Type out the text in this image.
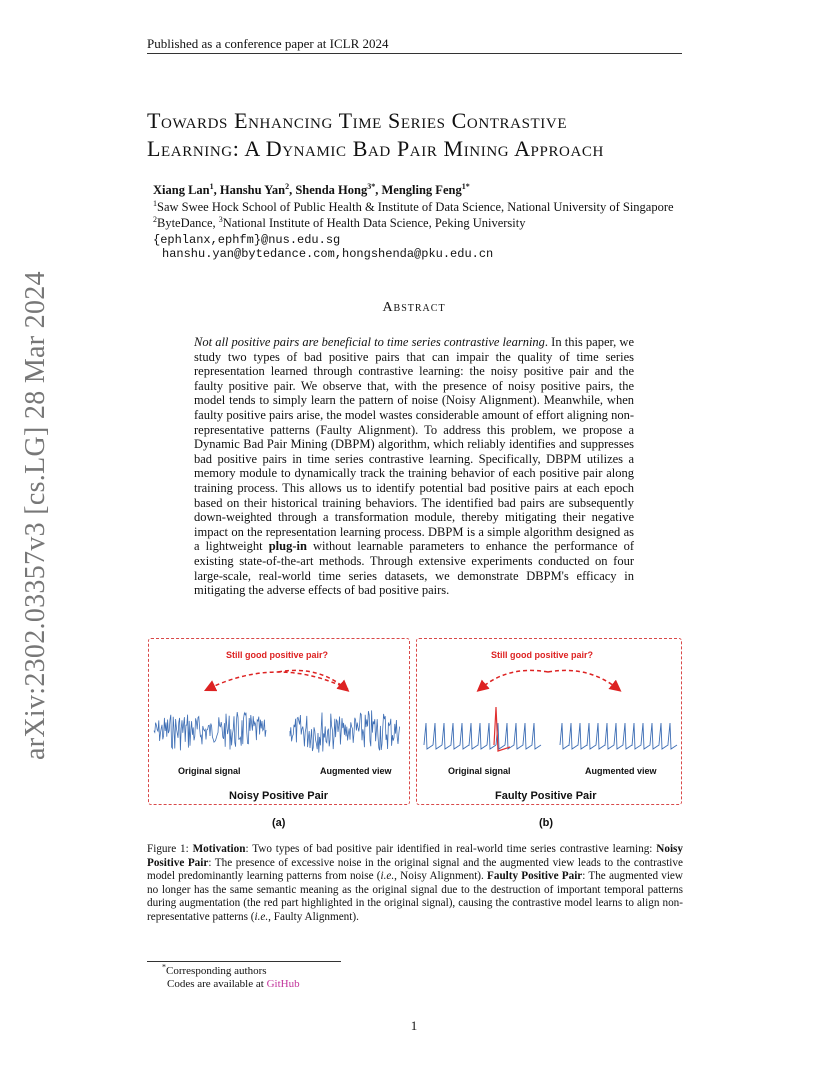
Published as a conference paper at ICLR 2024
arXiv:2302.03357v3 [cs.LG] 28 Mar 2024
Towards Enhancing Time Series Contrastive
Learning: A Dynamic Bad Pair Mining Approach
Xiang Lan$^1$, Hanshu Yan$^2$, Shenda Hong$^{3*}$, Mengling Feng$^{1*}$
$^1$Saw Swee Hock School of Public Health & Institute of Data Science, National University of Singapore
$^2$ByteDance, $^3$National Institute of Health Data Science, Peking University
{ephlanx,ephfm}@nus.edu.sg
hanshu.yan@bytedance.com,hongshenda@pku.edu.cn
Abstract
Not all positive pairs are beneficial to time series contrastive learning. In this paper, we study two types of bad positive pairs that can impair the quality of time series representation learned through contrastive learning: the noisy positive pair and the faulty positive pair. We observe that, with the presence of noisy positive pairs, the model tends to simply learn the pattern of noise (Noisy Alignment). Meanwhile, when faulty positive pairs arise, the model wastes considerable amount of effort aligning non-representative patterns (Faulty Alignment). To address this problem, we propose a Dynamic Bad Pair Mining (DBPM) algorithm, which reliably identifies and suppresses bad positive pairs in time series contrastive learning. Specifically, DBPM utilizes a memory module to dynamically track the training behavior of each positive pair along training process. This allows us to identify potential bad positive pairs at each epoch based on their historical training behaviors. The identified bad pairs are subsequently down-weighted through a transformation module, thereby mitigating their negative impact on the representation learning process. DBPM is a simple algorithm designed as a lightweight plug-in without learnable parameters to enhance the performance of existing state-of-the-art methods. Through extensive experiments conducted on four large-scale, real-world time series datasets, we demonstrate DBPM's efficacy in mitigating the adverse effects of bad positive pairs.
Still good positive pair?	Still good positive pair?
Original signal	Augmented view	Original signal	Augmented view
Noisy Positive Pair	Faulty Positive Pair
(a)	(b)
Figure 1: Motivation: Two types of bad positive pair identified in real-world time series contrastive learning: Noisy Positive Pair: The presence of excessive noise in the original signal and the augmented view leads to the contrastive model predominantly learning patterns from noise (i.e., Noisy Alignment). Faulty Positive Pair: The augmented view no longer has the same semantic meaning as the original signal due to the destruction of important temporal patterns during augmentation (the red part highlighted in the original signal), causing the contrastive model learns to align non-representative patterns (i.e., Faulty Alignment).
*Corresponding authors
Codes are available at GitHub
1
